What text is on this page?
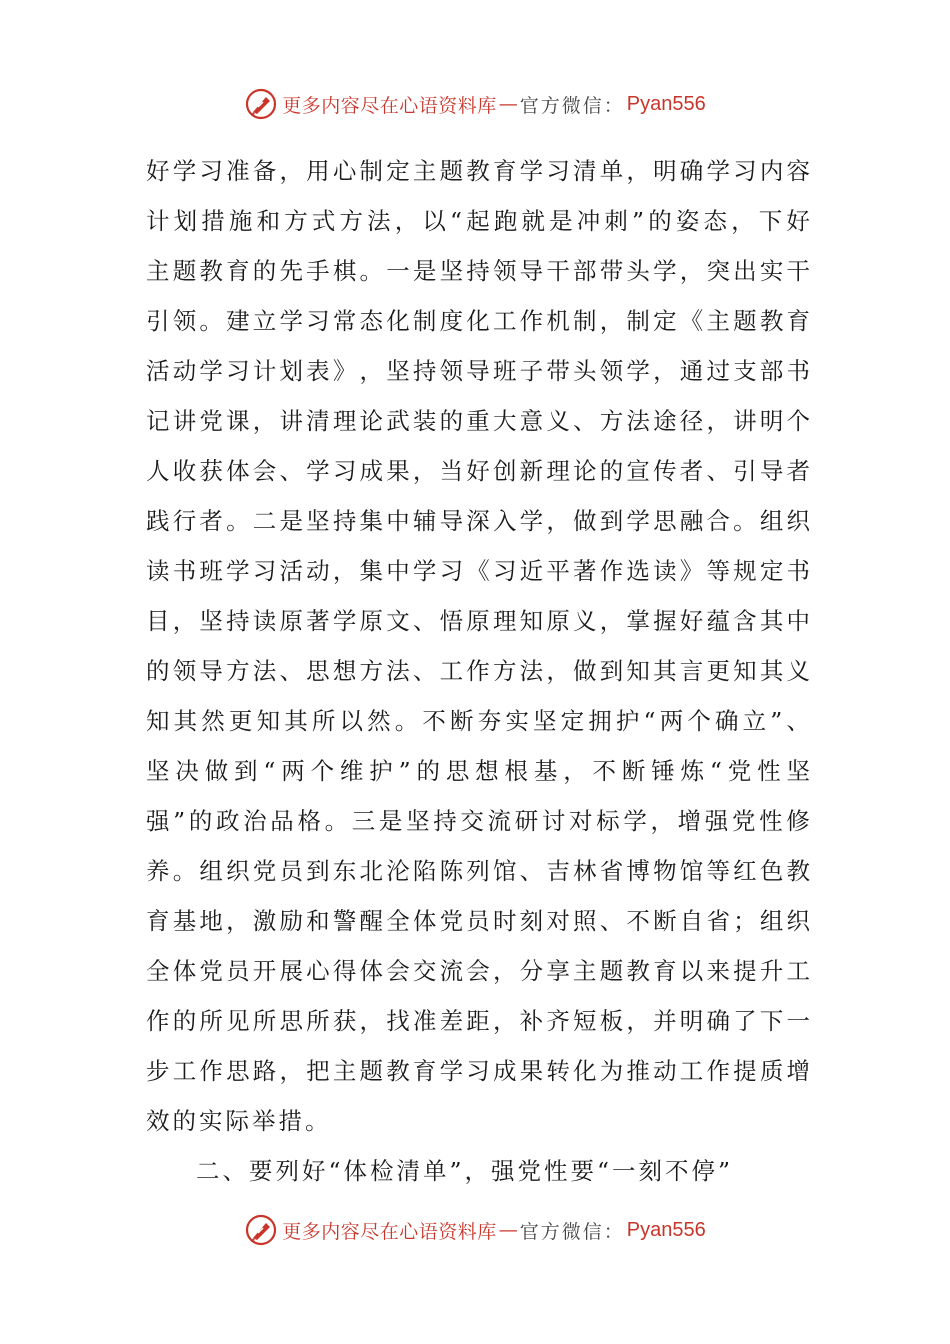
更多内容尽在心语资料库 — 官方微信： Pyan556
好 学 习 准 备 ， 用 心 制 定 主 题 教 育 学 习 清 单 ， 明 确 学 习 内 容
计 划 措 施 和 方 式 方 法 ， 以 “ 起 跑 就 是 冲 刺 ” 的 姿 态 ， 下 好
主 题 教 育 的 先 手 棋 。 一 是 坚 持 领 导 干 部 带 头 学 ， 突 出 实 干
引 领 。 建 立 学 习 常 态 化 制 度 化 工 作 机 制 ， 制 定 《 主 题 教 育
活 动 学 习 计 划 表 》 ， 坚 持 领 导 班 子 带 头 领 学 ， 通 过 支 部 书
记 讲 党 课 ， 讲 清 理 论 武 装 的 重 大 意 义 、 方 法 途 径 ， 讲 明 个
人 收 获 体 会 、 学 习 成 果 ， 当 好 创 新 理 论 的 宣 传 者 、 引 导 者
践 行 者 。 二 是 坚 持 集 中 辅 导 深 入 学 ， 做 到 学 思 融 合 。 组 织
读 书 班 学 习 活 动 ， 集 中 学 习 《 习 近 平 著 作 选 读 》 等 规 定 书
目 ， 坚 持 读 原 著 学 原 文 、 悟 原 理 知 原 义 ， 掌 握 好 蕴 含 其 中
的 领 导 方 法 、 思 想 方 法 、 工 作 方 法 ， 做 到 知 其 言 更 知 其 义
知 其 然 更 知 其 所 以 然 。 不 断 夯 实 坚 定 拥 护 “ 两 个 确 立 ” 、
坚 决 做 到 “ 两 个 维 护 ” 的 思 想 根 基 ， 不 断 锤 炼 “ 党 性 坚
强 ” 的 政 治 品 格 。 三 是 坚 持 交 流 研 讨 对 标 学 ， 增 强 党 性 修
养 。 组 织 党 员 到 东 北 沦 陷 陈 列 馆 、 吉 林 省 博 物 馆 等 红 色 教
育 基 地 ， 激 励 和 警 醒 全 体 党 员 时 刻 对 照 、 不 断 自 省 ； 组 织
全 体 党 员 开 展 心 得 体 会 交 流 会 ， 分 享 主 题 教 育 以 来 提 升 工
作 的 所 见 所 思 所 获 ， 找 准 差 距 ， 补 齐 短 板 ， 并 明 确 了 下 一
步 工 作 思 路 ， 把 主 题 教 育 学 习 成 果 转 化 为 推 动 工 作 提 质 增
效的实际举措。
二、要列好“体检清单”，强党性要“一刻不停”
更多内容尽在心语资料库 — 官方微信： Pyan556
